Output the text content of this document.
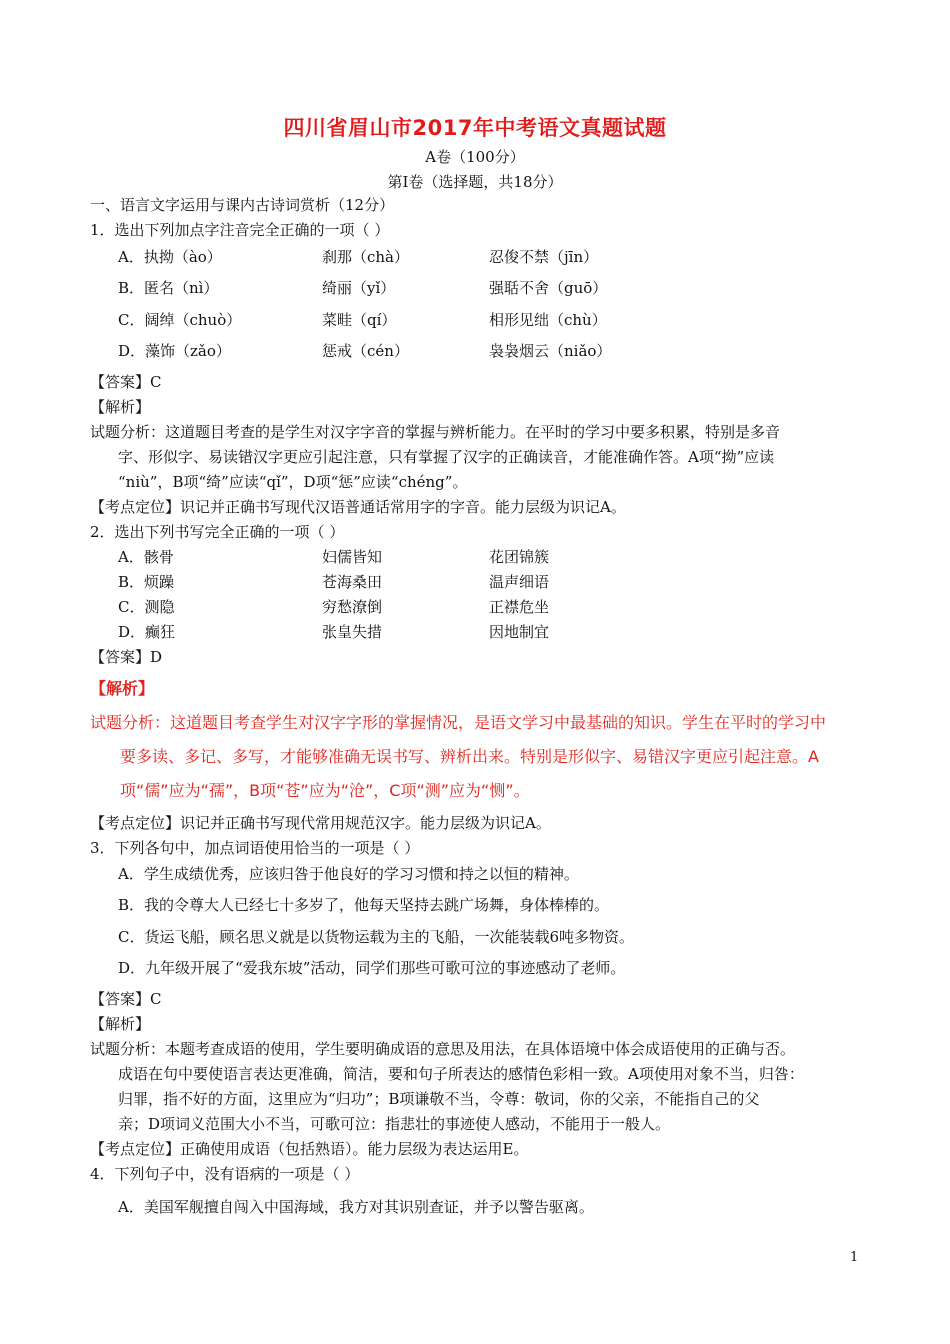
四川省眉山市2017年中考语文真题试题
A卷（100分）
第Ⅰ卷（选择题，共18分）
一、语言文字运用与课内古诗词赏析（12分）
1．选出下列加点字注音完全正确的一项（ ）
A．执拗（ào）	刹那（chà）	忍俊不禁（jīn）
B．匿名（nì）	绮丽（yǐ）	强聒不舍（guō）
C．阔绰（chuò）	菜畦（qí）	相形见绌（chù）
D．藻饰（zǎo）	惩戒（cén）	袅袅烟云（niǎo）
【答案】C
【解析】
试题分析：这道题目考查的是学生对汉字字音的掌握与辨析能力。在平时的学习中要多积累，特别是多音
字、形似字、易读错汉字更应引起注意，只有掌握了汉字的正确读音，才能准确作答。A项“拗”应读
“niù”，B项“绮”应读“qǐ”，D项“惩”应读“chéng”。
【考点定位】识记并正确书写现代汉语普通话常用字的字音。能力层级为识记A。
2．选出下列书写完全正确的一项（ ）
A．骸骨	妇儒皆知	花团锦簇
B．烦躁	苍海桑田	温声细语
C．测隐	穷愁潦倒	正襟危坐
D．癫狂	张皇失措	因地制宜
【答案】D
【解析】
试题分析：这道题目考查学生对汉字字形的掌握情况，是语文学习中最基础的知识。学生在平时的学习中
要多读、多记、多写，才能够准确无误书写、辨析出来。特别是形似字、易错汉字更应引起注意。A
项“儒”应为“孺”，B项“苍”应为“沧”，C项“测”应为“恻”。
【考点定位】识记并正确书写现代常用规范汉字。能力层级为识记A。
3．下列各句中，加点词语使用恰当的一项是（ ）
A．学生成绩优秀，应该归咎于他良好的学习习惯和持之以恒的精神。
B．我的令尊大人已经七十多岁了，他每天坚持去跳广场舞，身体棒棒的。
C．货运飞船，顾名思义就是以货物运载为主的飞船，一次能装载6吨多物资。
D．九年级开展了“爱我东坡”活动，同学们那些可歌可泣的事迹感动了老师。
【答案】C
【解析】
试题分析：本题考查成语的使用，学生要明确成语的意思及用法，在具体语境中体会成语使用的正确与否。
成语在句中要使语言表达更准确，简洁，要和句子所表达的感情色彩相一致。A项使用对象不当，归咎：
归罪，指不好的方面，这里应为“归功”；B项谦敬不当，令尊：敬词，你的父亲，不能指自己的父
亲；D项词义范围大小不当，可歌可泣：指悲壮的事迹使人感动，不能用于一般人。
【考点定位】正确使用成语（包括熟语）。能力层级为表达运用E。
4．下列句子中，没有语病的一项是（ ）
A．美国军舰擅自闯入中国海域，我方对其识别查证，并予以警告驱离。
1
